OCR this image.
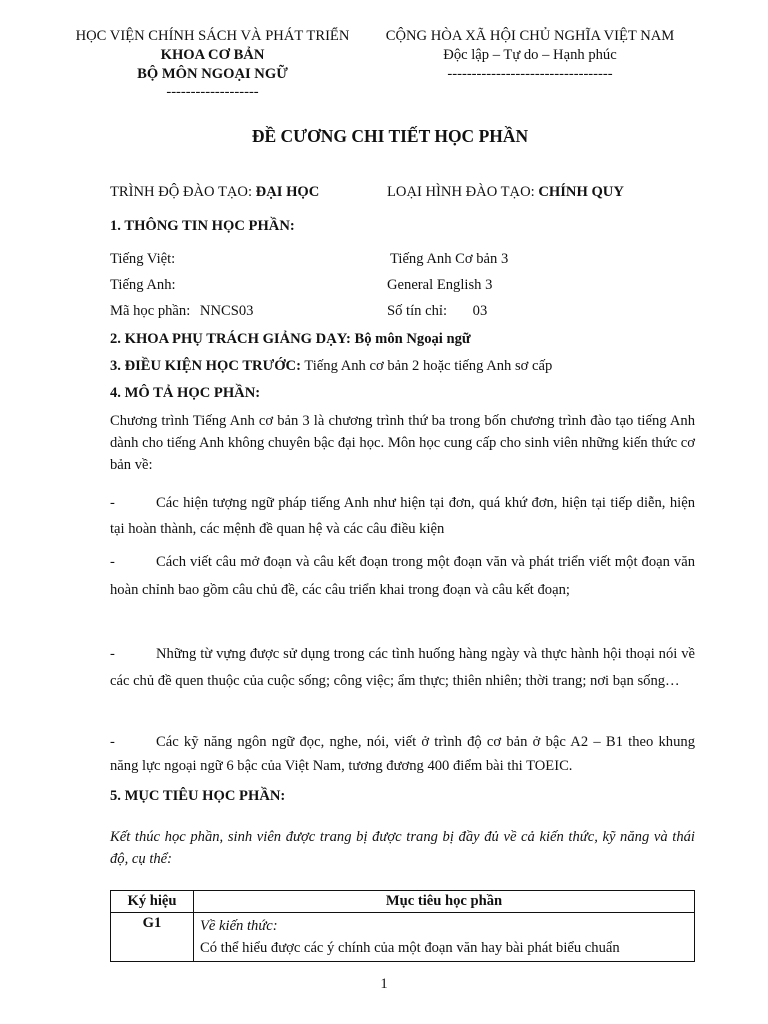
HỌC VIỆN CHÍNH SÁCH VÀ PHÁT TRIỂN
KHOA CƠ BẢN
BỘ MÔN NGOẠI NGỮ
-------------------
CỘNG HÒA XÃ HỘI CHỦ NGHĨA VIỆT NAM
Độc lập – Tự do – Hạnh phúc
----------------------------------
ĐỀ CƯƠNG CHI TIẾT HỌC PHẦN
TRÌNH ĐỘ ĐÀO TẠO: ĐẠI HỌC	LOẠI HÌNH ĐÀO TẠO: CHÍNH QUY
1. THÔNG TIN HỌC PHẦN:
Tiếng Việt:	Tiếng Anh Cơ bản 3
Tiếng Anh:	General English 3
Mã học phần: NNCS03	Số tín chỉ: 03
2. KHOA PHỤ TRÁCH GIẢNG DẠY: Bộ môn Ngoại ngữ
3. ĐIỀU KIỆN HỌC TRƯỚC: Tiếng Anh cơ bản 2 hoặc tiếng Anh sơ cấp
4. MÔ TẢ HỌC PHẦN:
Chương trình Tiếng Anh cơ bản 3 là chương trình thứ ba trong bốn chương trình đào tạo tiếng Anh dành cho tiếng Anh không chuyên bậc đại học. Môn học cung cấp cho sinh viên những kiến thức cơ bản về:
-	Các hiện tượng ngữ pháp tiếng Anh như hiện tại đơn, quá khứ đơn, hiện tại tiếp diễn, hiện tại hoàn thành, các mệnh đề quan hệ và các câu điều kiện
-	Cách viết câu mở đoạn và câu kết đoạn trong một đoạn văn và phát triển viết một đoạn văn hoàn chỉnh bao gồm câu chủ đề, các câu triển khai trong đoạn và câu kết đoạn;
-	Những từ vựng được sử dụng trong các tình huống hàng ngày và thực hành hội thoại nói về các chủ đề quen thuộc của cuộc sống; công việc; ẩm thực; thiên nhiên; thời trang; nơi bạn sống…
-	Các kỹ năng ngôn ngữ đọc, nghe, nói, viết ở trình độ cơ bản ở bậc A2 – B1 theo khung năng lực ngoại ngữ 6 bậc của Việt Nam, tương đương 400 điểm bài thi TOEIC.
5. MỤC TIÊU HỌC PHẦN:
Kết thúc học phần, sinh viên được trang bị được trang bị đầy đủ về cả kiến thức, kỹ năng và thái độ, cụ thể:
Ký hiệu	Mục tiêu học phần
G1	Về kiến thức:
Có thể hiểu được các ý chính của một đoạn văn hay bài phát biểu chuẩn
1
